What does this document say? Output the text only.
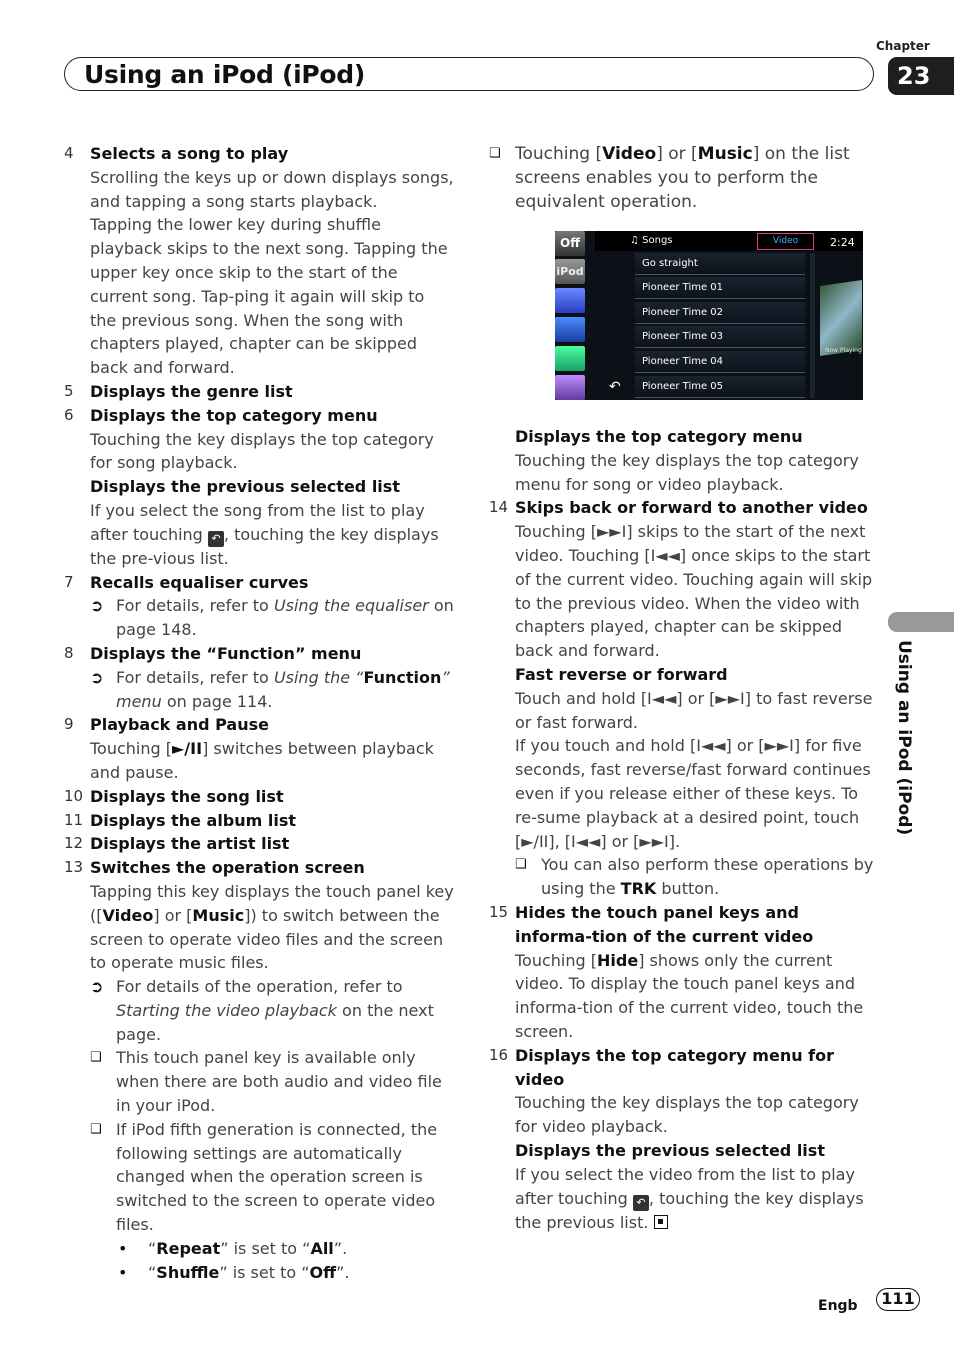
Using an iPod (iPod)
Chapter
23
Using an iPod (iPod)
4 Selects a song to play
Scrolling the keys up or down displays songs, and tapping a song starts playback.
Tapping the lower key during shuffle playback skips to the next song. Tapping the upper key once skip to the start of the current song. Tap-ping it again will skip to the previous song. When the song with chapters played, chapter can be skipped back and forward.
5 Displays the genre list
6 Displays the top category menu
Touching the key displays the top category for song playback.
Displays the previous selected list
If you select the song from the list to play after touching ↶ , touching the key displays the pre-vious list.
7 Recalls equaliser curves
➲ For details, refer to Using the equaliser on page 148.
8 Displays the “Function” menu
➲ For details, refer to Using the “Function” menu on page 114.
9 Playback and Pause
Touching [►/II] switches between playback and pause.
10 Displays the song list
11 Displays the album list
12 Displays the artist list
13 Switches the operation screen
Tapping this key displays the touch panel key ([Video] or [Music]) to switch between the screen to operate video files and the screen to operate music files.
➲ For details of the operation, refer to Starting the video playback on the next page.
❑ This touch panel key is available only when there are both audio and video file in your iPod.
❑ If iPod fifth generation is connected, the following settings are automatically changed when the operation screen is switched to the screen to operate video files.
• “Repeat” is set to “All”.
• “Shuffle” is set to “Off”.
❑ Touching [Video] or [Music] on the list screens enables you to perform the equivalent operation.
Displays the top category menu
Touching the key displays the top category menu for song or video playback.
14 Skips back or forward to another video
Touching [►►I] skips to the start of the next video. Touching [I◄◄] once skips to the start of the current video. Touching again will skip to the previous video. When the video with chapters played, chapter can be skipped back and forward.
Fast reverse or forward
Touch and hold [I◄◄] or [►►I] to fast reverse or fast forward.
If you touch and hold [I◄◄] or [►►I] for five seconds, fast reverse/fast forward continues even if you release either of these keys. To re-sume playback at a desired point, touch [►/II], [I◄◄] or [►►I].
❑ You can also perform these operations by using the TRK button.
15 Hides the touch panel keys and informa-tion of the current video
Touching [Hide] shows only the current video. To display the touch panel keys and informa-tion of the current video, touch the screen.
16 Displays the top category menu for video
Touching the key displays the top category for video playback.
Displays the previous selected list
If you select the video from the list to play after touching ↶ , touching the key displays the previous list.
Off
iPod
♫ Songs	Video	2:24
Go straight
Pioneer Time 01
Pioneer Time 02
Pioneer Time 03
Pioneer Time 04
Pioneer Time 05
↶
Now Playing
Engb	111
